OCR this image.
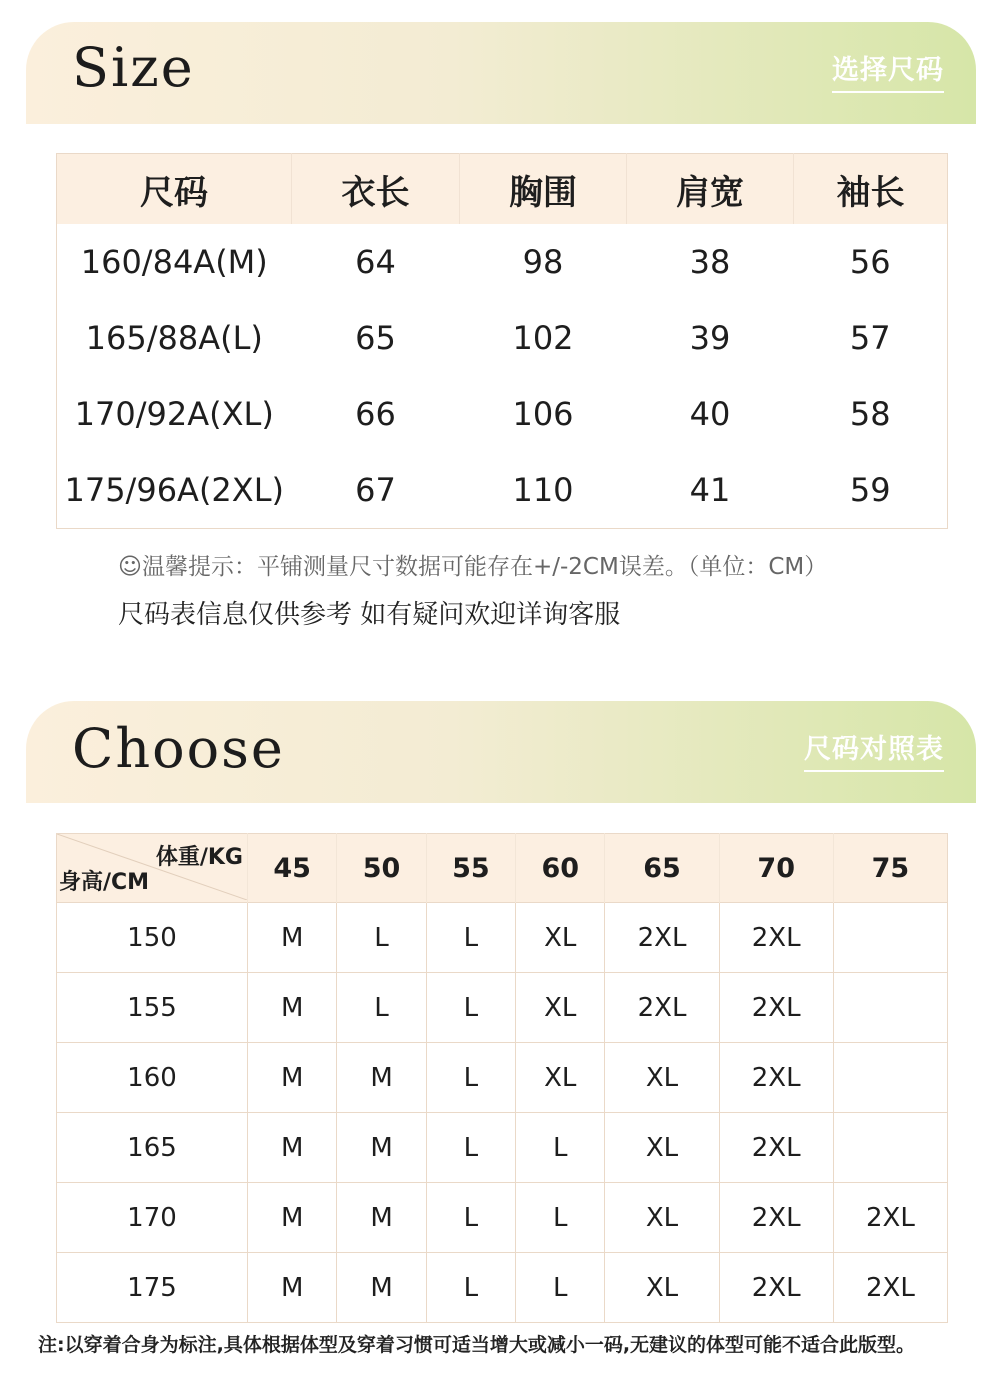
Size	选择尺码
尺码	衣长	胸围	肩宽	袖长
160/84A(M)	64	98	38	56
165/88A(L)	65	102	39	57
170/92A(XL)	66	106	40	58
175/96A(2XL)	67	110	41	59
☺温馨提示：平铺测量尺寸数据可能存在+/-2CM误差。（单位：CM）
尺码表信息仅供参考 如有疑问欢迎详询客服
Choose	尺码对照表
体重/KG
身高/CM	45	50	55	60	65	70	75
150	M	L	L	XL	2XL	2XL	
155	M	L	L	XL	2XL	2XL	
160	M	M	L	XL	XL	2XL	
165	M	M	L	L	XL	2XL	
170	M	M	L	L	XL	2XL	2XL
175	M	M	L	L	XL	2XL	2XL
注:以穿着合身为标注,具体根据体型及穿着习惯可适当增大或减小一码,无建议的体型可能不适合此版型。
